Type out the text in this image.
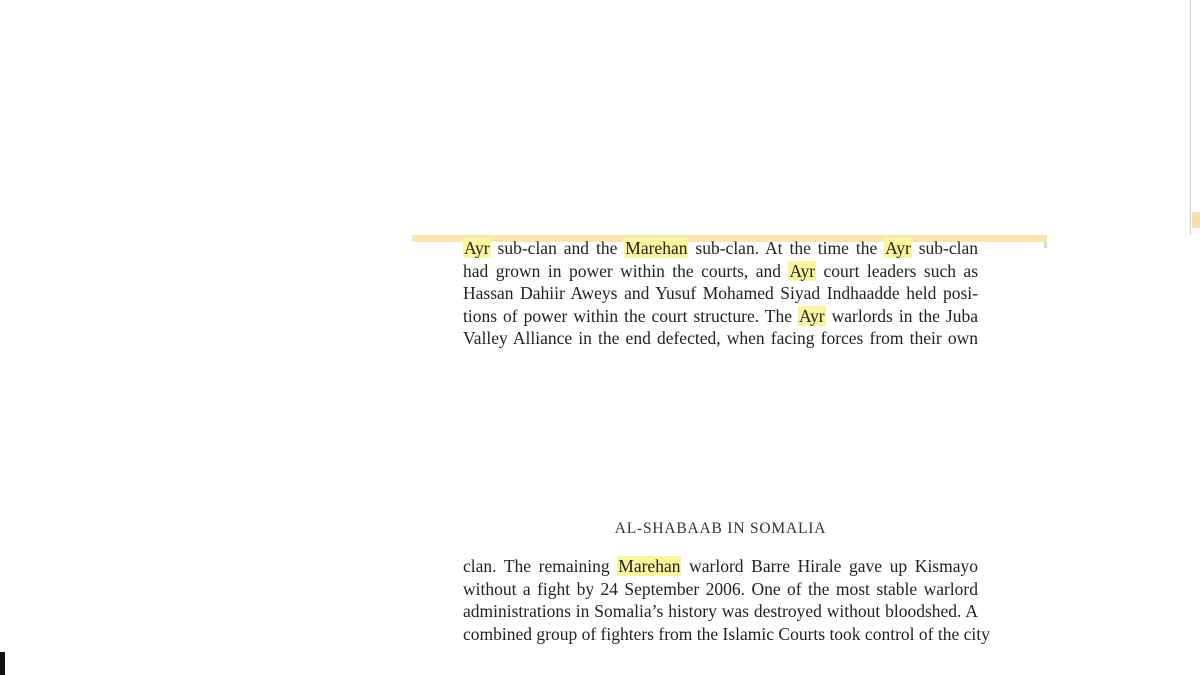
Ayr sub-clan and the Marehan sub-clan. At the time the Ayr sub-clan
had grown in power within the courts, and Ayr court leaders such as
Hassan Dahiir Aweys and Yusuf Mohamed Siyad Indhaadde held posi-
tions of power within the court structure. The Ayr warlords in the Juba
Valley Alliance in the end defected, when facing forces from their own
AL-SHABAAB IN SOMALIA
clan. The remaining Marehan warlord Barre Hirale gave up Kismayo
without a fight by 24 September 2006. One of the most stable warlord
administrations in Somalia’s history was destroyed without bloodshed. A
combined group of fighters from the Islamic Courts took control of the city
